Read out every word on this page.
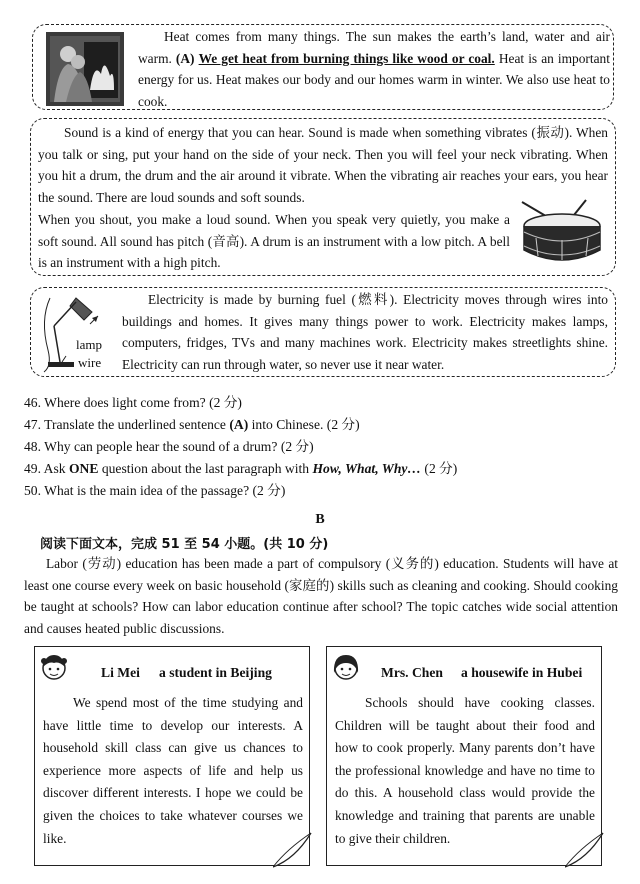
Heat comes from many things. The sun makes the earth’s land, water and air warm. (A) We get heat from burning things like wood or coal. Heat is an important energy for us. Heat makes our body and our homes warm in winter. We also use heat to cook.
Sound is a kind of energy that you can hear. Sound is made when something vibrates (振动). When you talk or sing, put your hand on the side of your neck. Then you will feel your neck vibrating. When you hit a drum, the drum and the air around it vibrate. When the vibrating air reaches your ears, you hear the sound. There are loud sounds and soft sounds.
When you shout, you make a loud sound. When you speak very quietly, you make a soft sound. All sound has pitch (音高). A drum is an instrument with a low pitch. A bell is an instrument with a high pitch.
lamp
wire
Electricity is made by burning fuel (燃料). Electricity moves through wires into buildings and homes. It gives many things power to work. Electricity makes lamps, computers, fridges, TVs and many machines work. Electricity makes streetlights shine. Electricity can run through water, so never use it near water.
46. Where does light come from? (2 分)
47. Translate the underlined sentence (A) into Chinese. (2 分)
48. Why can people hear the sound of a drum? (2 分)
49. Ask ONE question about the last paragraph with How, What, Why… (2 分)
50. What is the main idea of the passage? (2 分)
B
阅读下面文本，完成 51 至 54 小题。(共 10 分)
Labor (劳动) education has been made a part of compulsory (义务的) education. Students will have at least one course every week on basic household (家庭的) skills such as cleaning and cooking. Should cooking be taught at schools? How can labor education continue after school? The topic catches wide social attention and causes heated public discussions.
Li Mei a student in Beijing
We spend most of the time studying and have little time to develop our interests. A household skill class can give us chances to experience more aspects of life and help us discover different interests. I hope we could be given the choices to take whatever courses we like.
Mrs. Chen a housewife in Hubei
Schools should have cooking classes. Children will be taught about their food and how to cook properly. Many parents don’t have the professional knowledge and have no time to do this. A household class would provide the knowledge and training that parents are unable to give their children.
